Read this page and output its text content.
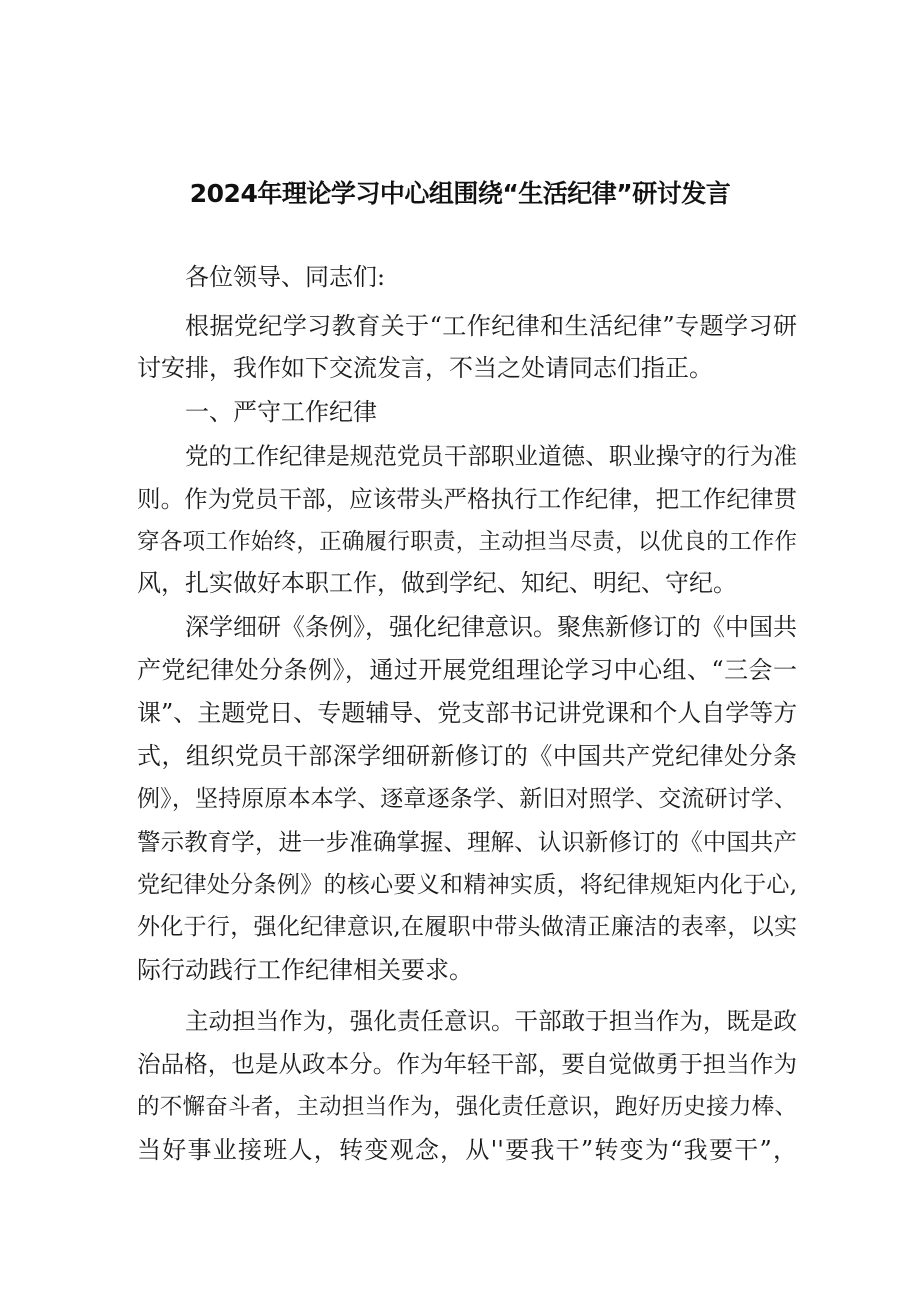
2024年理论学习中心组围绕“生活纪律”研讨发言
各位领导、同志们:
根据党纪学习教育关于“工作纪律和生活纪律”专题学习研
讨安排，我作如下交流发言，不当之处请同志们指正。
一、严守工作纪律
党的工作纪律是规范党员干部职业道德、职业操守的行为准
则。作为党员干部，应该带头严格执行工作纪律，把工作纪律贯
穿各项工作始终，正确履行职责，主动担当尽责，以优良的工作作
风，扎实做好本职工作，做到学纪、知纪、明纪、守纪。
深学细研《条例》，强化纪律意识。聚焦新修订的《中国共
产党纪律处分条例》，通过开展党组理论学习中心组、“三会一
课”、主题党日、专题辅导、党支部书记讲党课和个人自学等方
式，组织党员干部深学细研新修订的《中国共产党纪律处分条
例》，坚持原原本本学、逐章逐条学、新旧对照学、交流研讨学、
警示教育学，进一步准确掌握、理解、认识新修订的《中国共产
党纪律处分条例》的核心要义和精神实质，将纪律规矩内化于心,
外化于行，强化纪律意识,在履职中带头做清正廉洁的表率，以实
际行动践行工作纪律相关要求。
主动担当作为，强化责任意识。干部敢于担当作为，既是政
治品格，也是从政本分。作为年轻干部，要自觉做勇于担当作为
的不懈奋斗者，主动担当作为，强化责任意识，跑好历史接力棒、
当好事业接班人，转变观念，从''要我干”转变为“我要干”，
